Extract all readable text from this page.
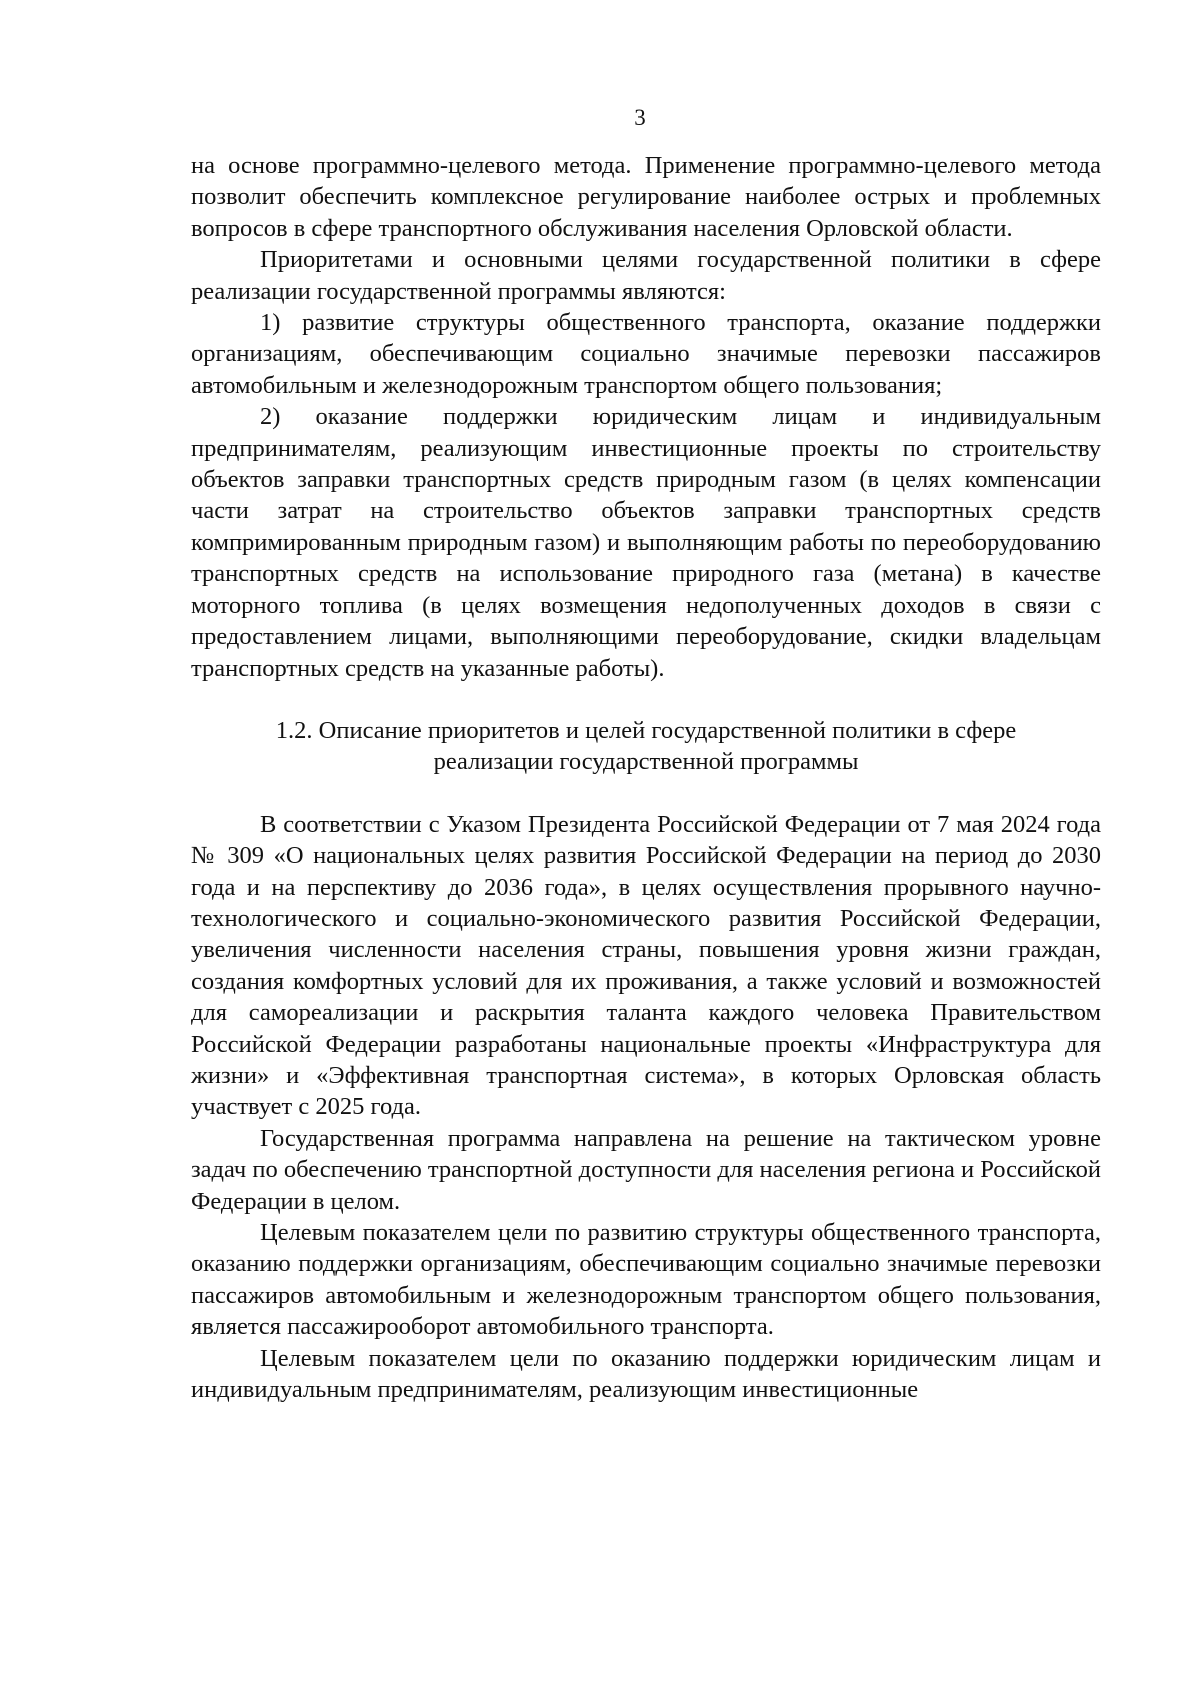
3

на основе программно-целевого метода. Применение программно-целевого метода позволит обеспечить комплексное регулирование наиболее острых и проблемных вопросов в сфере транспортного обслуживания населения Орловской области.

Приоритетами и основными целями государственной политики в сфере реализации государственной программы являются:

1) развитие структуры общественного транспорта, оказание поддержки организациям, обеспечивающим социально значимые перевозки пассажиров автомобильным и железнодорожным транспортом общего пользования;

2) оказание поддержки юридическим лицам и индивидуальным предпринимателям, реализующим инвестиционные проекты по строительству объектов заправки транспортных средств природным газом (в целях компенсации части затрат на строительство объектов заправки транспортных средств компримированным природным газом) и выполняющим работы по переоборудованию транспортных средств на использование природного газа (метана) в качестве моторного топлива (в целях возмещения недополученных доходов в связи с предоставлением лицами, выполняющими переоборудование, скидки владельцам транспортных средств на указанные работы).

1.2. Описание приоритетов и целей государственной политики в сфере
реализации государственной программы

В соответствии с Указом Президента Российской Федерации от 7 мая 2024 года № 309 «О национальных целях развития Российской Федерации на период до 2030 года и на перспективу до 2036 года», в целях осуществления прорывного научно-технологического и социально-экономического развития Российской Федерации, увеличения численности населения страны, повышения уровня жизни граждан, создания комфортных условий для их проживания, а также условий и возможностей для самореализации и раскрытия таланта каждого человека Правительством Российской Федерации разработаны национальные проекты «Инфраструктура для жизни» и «Эффективная транспортная система», в которых Орловская область участвует с 2025 года.

Государственная программа направлена на решение на тактическом уровне задач по обеспечению транспортной доступности для населения региона и Российской Федерации в целом.

Целевым показателем цели по развитию структуры общественного транспорта, оказанию поддержки организациям, обеспечивающим социально значимые перевозки пассажиров автомобильным и железнодорожным транспортом общего пользования, является пассажирооборот автомобильного транспорта.

Целевым показателем цели по оказанию поддержки юридическим лицам и индивидуальным предпринимателям, реализующим инвестиционные
